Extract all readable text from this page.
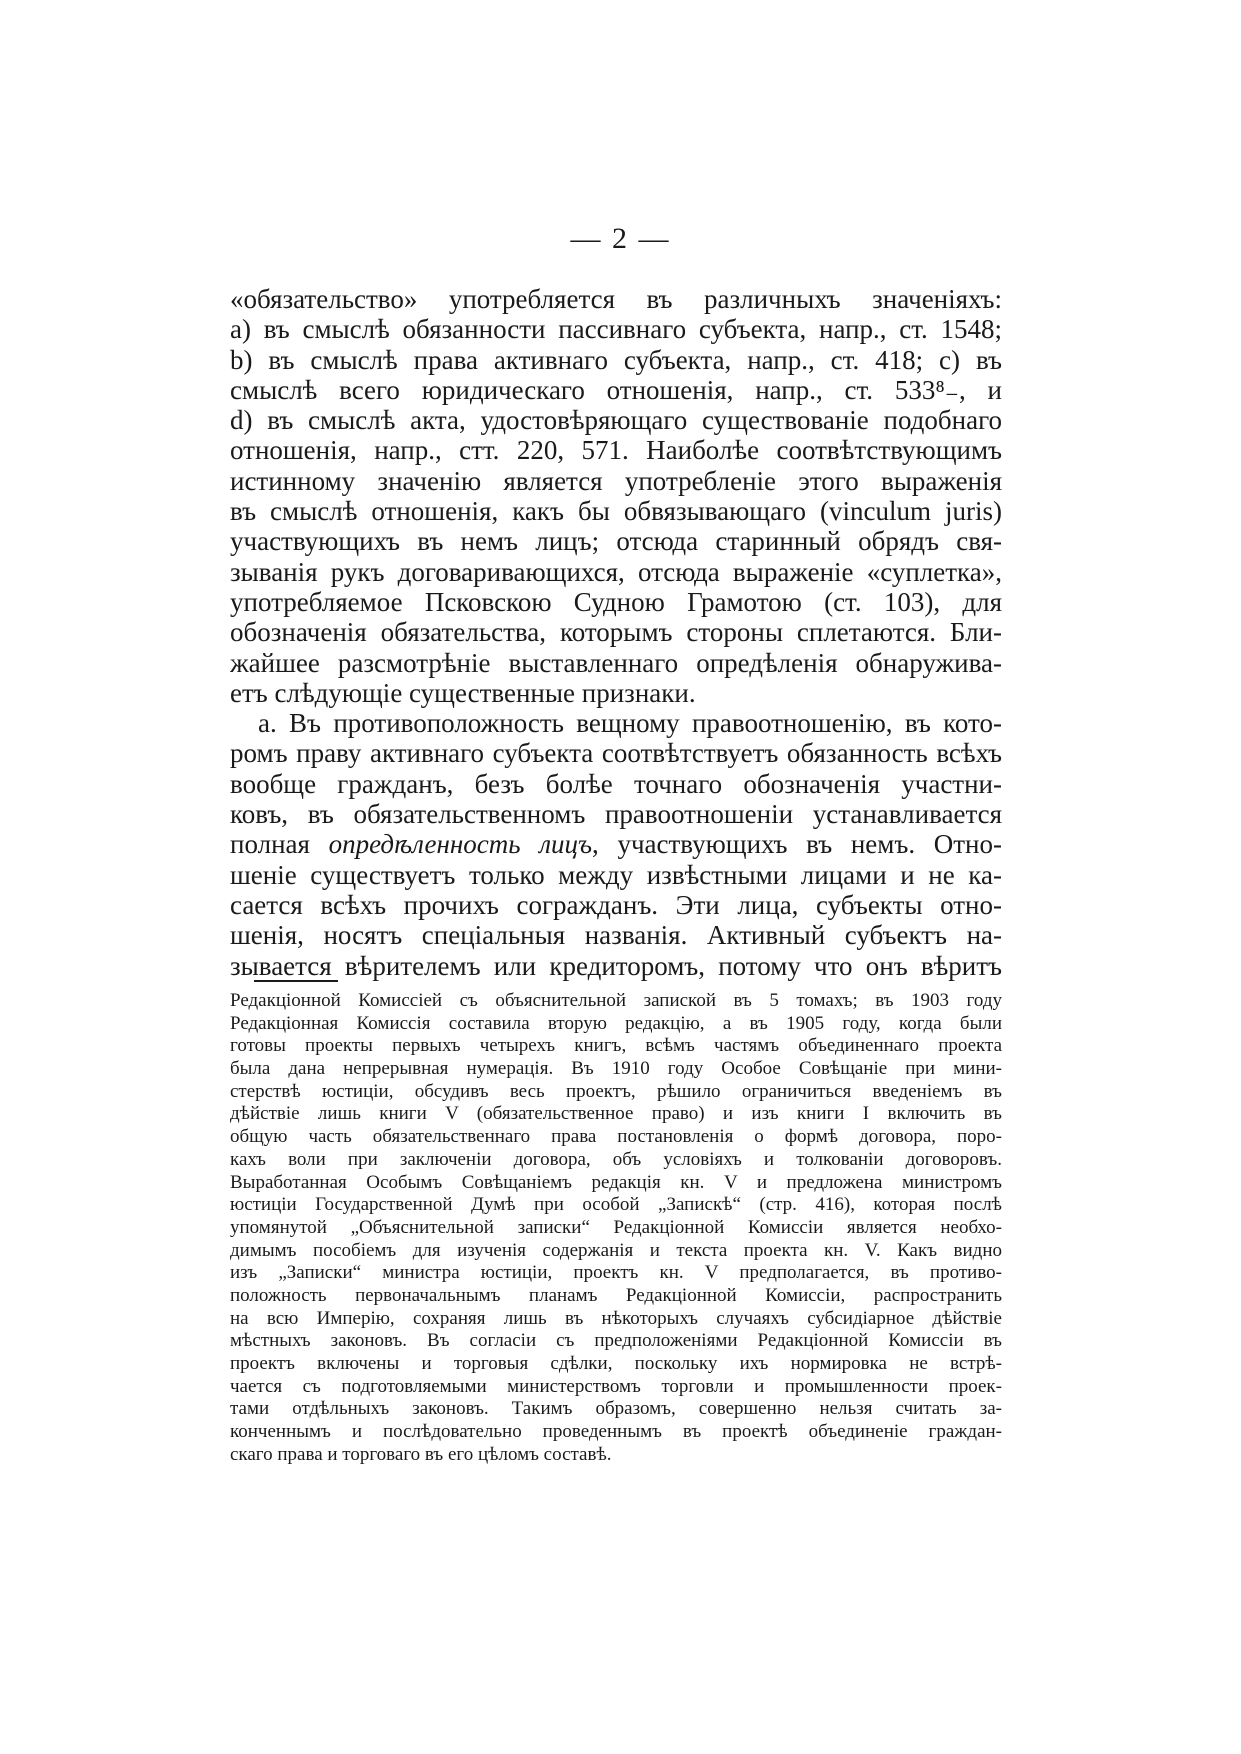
— 2 —
«обязательство» употребляется въ различныхъ значеніяхъ:
a) въ смыслѣ обязанности пассивнаго субъекта, напр., ст. 1548;
b) въ смыслѣ права активнаго субъекта, напр., ст. 418; c) въ
смыслѣ всего юридическаго отношенія, напр., ст. 533⁸₋, и
d) въ смыслѣ акта, удостовѣряющаго существованіе подобнаго
отношенія, напр., стт. 220, 571. Наиболѣе соотвѣтствующимъ
истинному значенію является употребленіе этого выраженія
въ смыслѣ отношенія, какъ бы обвязывающаго (vinculum juris)
участвующихъ въ немъ лицъ; отсюда старинный обрядъ свя-
зыванія рукъ договаривающихся, отсюда выраженіе «суплетка»,
употребляемое Псковскою Судною Грамотою (ст. 103), для
обозначенія обязательства, которымъ стороны сплетаются. Бли-
жайшее разсмотрѣніе выставленнаго опредѣленія обнаружива-
етъ слѣдующіе существенные признаки.
a. Въ противоположность вещному правоотношенію, въ кото-
ромъ праву активнаго субъекта соотвѣтствуетъ обязанность всѣхъ
вообще гражданъ, безъ болѣе точнаго обозначенія участни-
ковъ, въ обязательственномъ правоотношеніи устанавливается
полная опредѣленность лицъ, участвующихъ въ немъ. Отно-
шеніе существуетъ только между извѣстными лицами и не ка-
сается всѣхъ прочихъ согражданъ. Эти лица, субъекты отно-
шенія, носятъ спеціальныя названія. Активный субъектъ на-
зывается вѣрителемъ или кредиторомъ, потому что онъ вѣритъ
Редакціонной Комиссіей съ объяснительной запиской въ 5 томахъ; въ 1903 году
Редакціонная Комиссія составила вторую редакцію, а въ 1905 году, когда были
готовы проекты первыхъ четырехъ книгъ, всѣмъ частямъ объединеннаго проекта
была дана непрерывная нумерація. Въ 1910 году Особое Совѣщаніе при мини-
стерствѣ юстиціи, обсудивъ весь проектъ, рѣшило ограничиться введеніемъ въ
дѣйствіе лишь книги V (обязательственное право) и изъ книги I включить въ
общую часть обязательственнаго права постановленія о формѣ договора, поро-
кахъ воли при заключеніи договора, объ условіяхъ и толкованіи договоровъ.
Выработанная Особымъ Совѣщаніемъ редакція кн. V и предложена министромъ
юстиціи Государственной Думѣ при особой „Запискѣ“ (стр. 416), которая послѣ
упомянутой „Объяснительной записки“ Редакціонной Комиссіи является необхо-
димымъ пособіемъ для изученія содержанія и текста проекта кн. V. Какъ видно
изъ „Записки“ министра юстиціи, проектъ кн. V предполагается, въ противо-
положность первоначальнымъ планамъ Редакціонной Комиссіи, распространить
на всю Имперію, сохраняя лишь въ нѣкоторыхъ случаяхъ субсидіарное дѣйствіе
мѣстныхъ законовъ. Въ согласіи съ предположеніями Редакціонной Комиссіи въ
проектъ включены и торговыя сдѣлки, поскольку ихъ нормировка не встрѣ-
чается съ подготовляемыми министерствомъ торговли и промышленности проек-
тами отдѣльныхъ законовъ. Такимъ образомъ, совершенно нельзя считать за-
конченнымъ и послѣдовательно проведеннымъ въ проектѣ объединеніе граждан-
скаго права и торговаго въ его цѣломъ составѣ.
